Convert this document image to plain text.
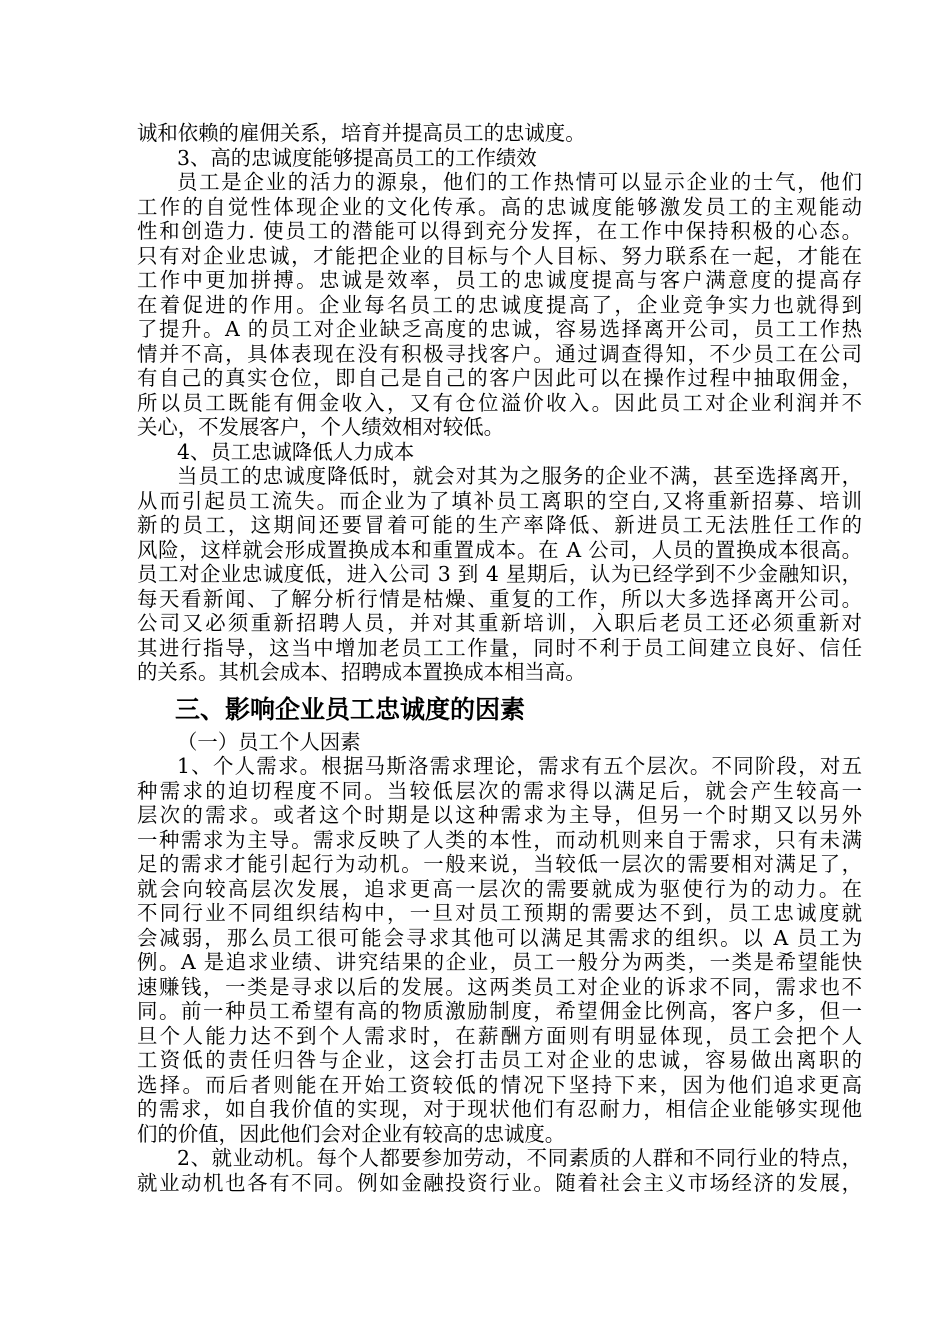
诚和依赖的雇佣关系，培育并提高员工的忠诚度。
3、高的忠诚度能够提高员工的工作绩效
员工是企业的活力的源泉，他们的工作热情可以显示企业的士气，他们
工作的自觉性体现企业的文化传承。高的忠诚度能够激发员工的主观能动
性和创造力. 使员工的潜能可以得到充分发挥，在工作中保持积极的心态。
只有对企业忠诚，才能把企业的目标与个人目标、努力联系在一起，才能在
工作中更加拼搏。忠诚是效率，员工的忠诚度提高与客户满意度的提高存
在着促进的作用。企业每名员工的忠诚度提高了，企业竞争实力也就得到
了提升。A 的员工对企业缺乏高度的忠诚，容易选择离开公司，员工工作热
情并不高，具体表现在没有积极寻找客户。通过调查得知，不少员工在公司
有自己的真实仓位，即自己是自己的客户因此可以在操作过程中抽取佣金，
所以员工既能有佣金收入，又有仓位溢价收入。因此员工对企业利润并不
关心，不发展客户，个人绩效相对较低。
4、员工忠诚降低人力成本
当员工的忠诚度降低时，就会对其为之服务的企业不满，甚至选择离开，
从而引起员工流失。而企业为了填补员工离职的空白,又将重新招募、培训
新的员工，这期间还要冒着可能的生产率降低、新进员工无法胜任工作的
风险，这样就会形成置换成本和重置成本。在 A 公司，人员的置换成本很高。
员工对企业忠诚度低，进入公司 3 到 4 星期后，认为已经学到不少金融知识，
每天看新闻、了解分析行情是枯燥、重复的工作，所以大多选择离开公司。
公司又必须重新招聘人员，并对其重新培训，入职后老员工还必须重新对
其进行指导，这当中增加老员工工作量，同时不利于员工间建立良好、信任
的关系。其机会成本、招聘成本置换成本相当高。
三、影响企业员工忠诚度的因素
（一）员工个人因素
1、个人需求。根据马斯洛需求理论，需求有五个层次。不同阶段，对五
种需求的迫切程度不同。当较低层次的需求得以满足后，就会产生较高一
层次的需求。或者这个时期是以这种需求为主导，但另一个时期又以另外
一种需求为主导。需求反映了人类的本性，而动机则来自于需求，只有未满
足的需求才能引起行为动机。一般来说，当较低一层次的需要相对满足了，
就会向较高层次发展，追求更高一层次的需要就成为驱使行为的动力。在
不同行业不同组织结构中，一旦对员工预期的需要达不到，员工忠诚度就
会减弱，那么员工很可能会寻求其他可以满足其需求的组织。以 A 员工为
例。A 是追求业绩、讲究结果的企业，员工一般分为两类，一类是希望能快
速赚钱，一类是寻求以后的发展。这两类员工对企业的诉求不同，需求也不
同。前一种员工希望有高的物质激励制度，希望佣金比例高，客户多，但一
旦个人能力达不到个人需求时，在薪酬方面则有明显体现，员工会把个人
工资低的责任归咎与企业，这会打击员工对企业的忠诚，容易做出离职的
选择。而后者则能在开始工资较低的情况下坚持下来，因为他们追求更高
的需求，如自我价值的实现，对于现状他们有忍耐力，相信企业能够实现他
们的价值，因此他们会对企业有较高的忠诚度。
2、就业动机。每个人都要参加劳动，不同素质的人群和不同行业的特点，
就业动机也各有不同。例如金融投资行业。随着社会主义市场经济的发展，
